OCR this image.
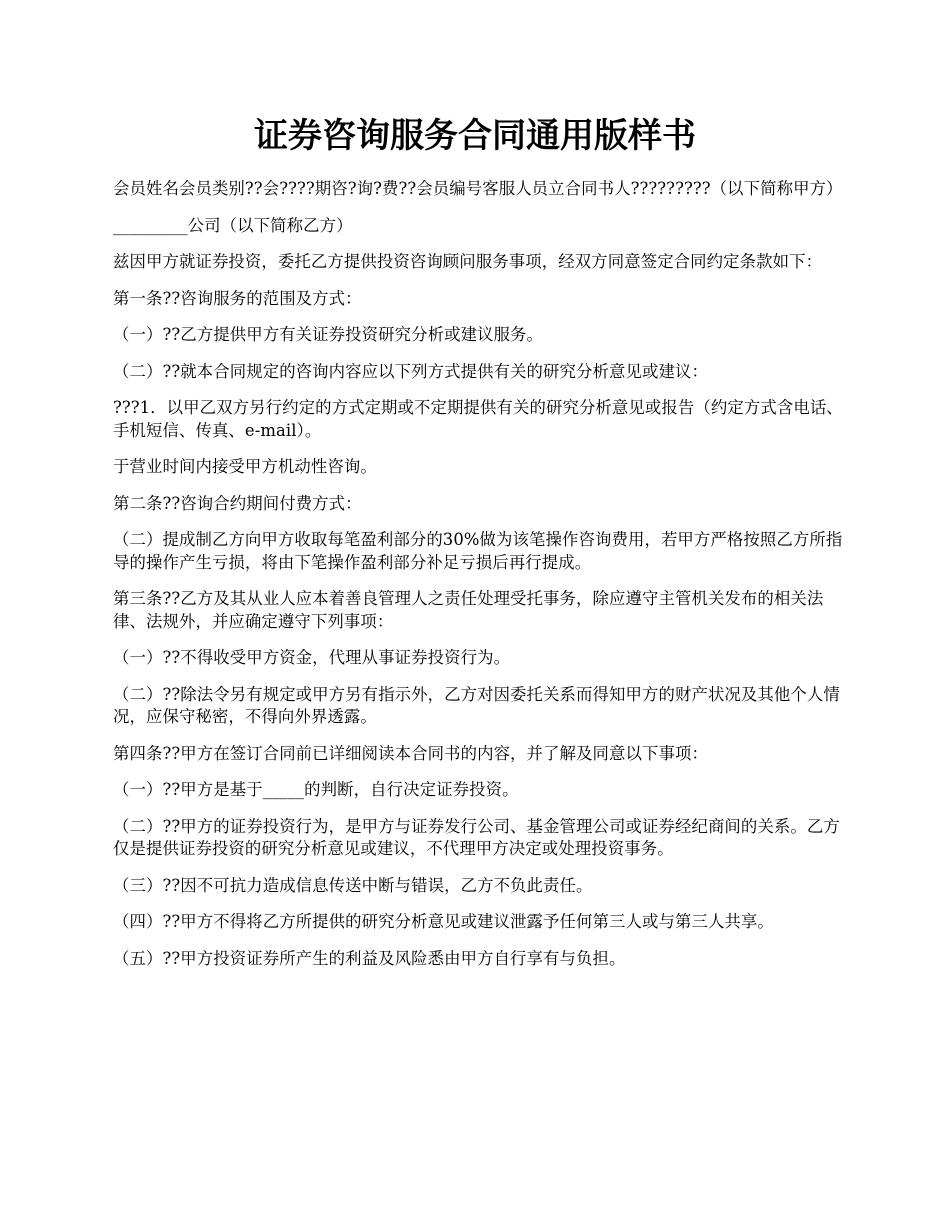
证券咨询服务合同通用版样书

会员姓名会员类别??会????期咨?询?费??会员编号客服人员立合同书人?????????（以下简称甲方）

_________公司（以下简称乙方）

兹因甲方就证券投资，委托乙方提供投资咨询顾问服务事项，经双方同意签定合同约定条款如下：

第一条??咨询服务的范围及方式：

（一）??乙方提供甲方有关证券投资研究分析或建议服务。

（二）??就本合同规定的咨询内容应以下列方式提供有关的研究分析意见或建议：

???1．以甲乙双方另行约定的方式定期或不定期提供有关的研究分析意见或报告（约定方式含电话、手机短信、传真、e-mail）。

于营业时间内接受甲方机动性咨询。

第二条??咨询合约期间付费方式：

（二）提成制乙方向甲方收取每笔盈利部分的30%做为该笔操作咨询费用，若甲方严格按照乙方所指导的操作产生亏损，将由下笔操作盈利部分补足亏损后再行提成。

第三条??乙方及其从业人应本着善良管理人之责任处理受托事务，除应遵守主管机关发布的相关法律、法规外，并应确定遵守下列事项：

（一）??不得收受甲方资金，代理从事证券投资行为。

（二）??除法令另有规定或甲方另有指示外，乙方对因委托关系而得知甲方的财产状况及其他个人情况，应保守秘密，不得向外界透露。

第四条??甲方在签订合同前已详细阅读本合同书的内容，并了解及同意以下事项：

（一）??甲方是基于_____的判断，自行决定证券投资。

（二）??甲方的证券投资行为，是甲方与证券发行公司、基金管理公司或证券经纪商间的关系。乙方仅是提供证券投资的研究分析意见或建议，不代理甲方决定或处理投资事务。

（三）??因不可抗力造成信息传送中断与错误，乙方不负此责任。

（四）??甲方不得将乙方所提供的研究分析意见或建议泄露予任何第三人或与第三人共享。

（五）??甲方投资证券所产生的利益及风险悉由甲方自行享有与负担。
